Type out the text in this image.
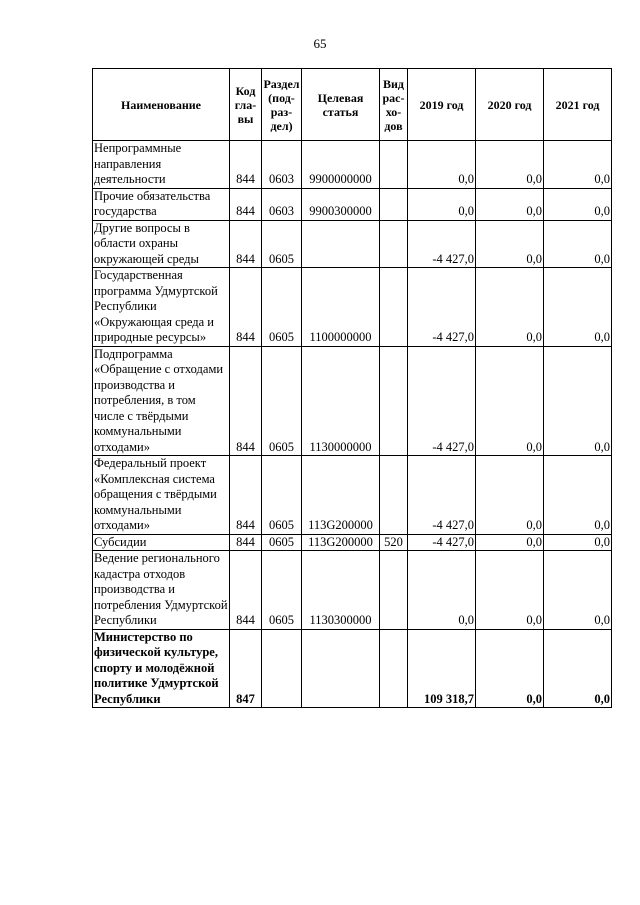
65
Наименование	Код гла- вы	Раздел (под- раз- дел)	Целевая статья	Вид рас- хо- дов	2019 год	2020 год	2021 год
Непрограммные направления деятельности	844	0603	9900000000		0,0	0,0	0,0
Прочие обязательства государства	844	0603	9900300000		0,0	0,0	0,0
Другие вопросы в области охраны окружающей среды	844	0605			-4 427,0	0,0	0,0
Государственная программа Удмуртской Республики «Окружающая среда и природные ресурсы»	844	0605	1100000000		-4 427,0	0,0	0,0
Подпрограмма «Обращение с отходами производства и потребления, в том числе с твёрдыми коммунальными отходами»	844	0605	1130000000		-4 427,0	0,0	0,0
Федеральный проект «Комплексная система обращения с твёрдыми коммунальными отходами»	844	0605	113G200000		-4 427,0	0,0	0,0
Субсидии	844	0605	113G200000	520	-4 427,0	0,0	0,0
Ведение регионального кадастра отходов производства и потребления Удмуртской Республики	844	0605	1130300000		0,0	0,0	0,0
Министерство по физической культуре, спорту и молодёжной политике Удмуртской Республики	847				109 318,7	0,0	0,0
